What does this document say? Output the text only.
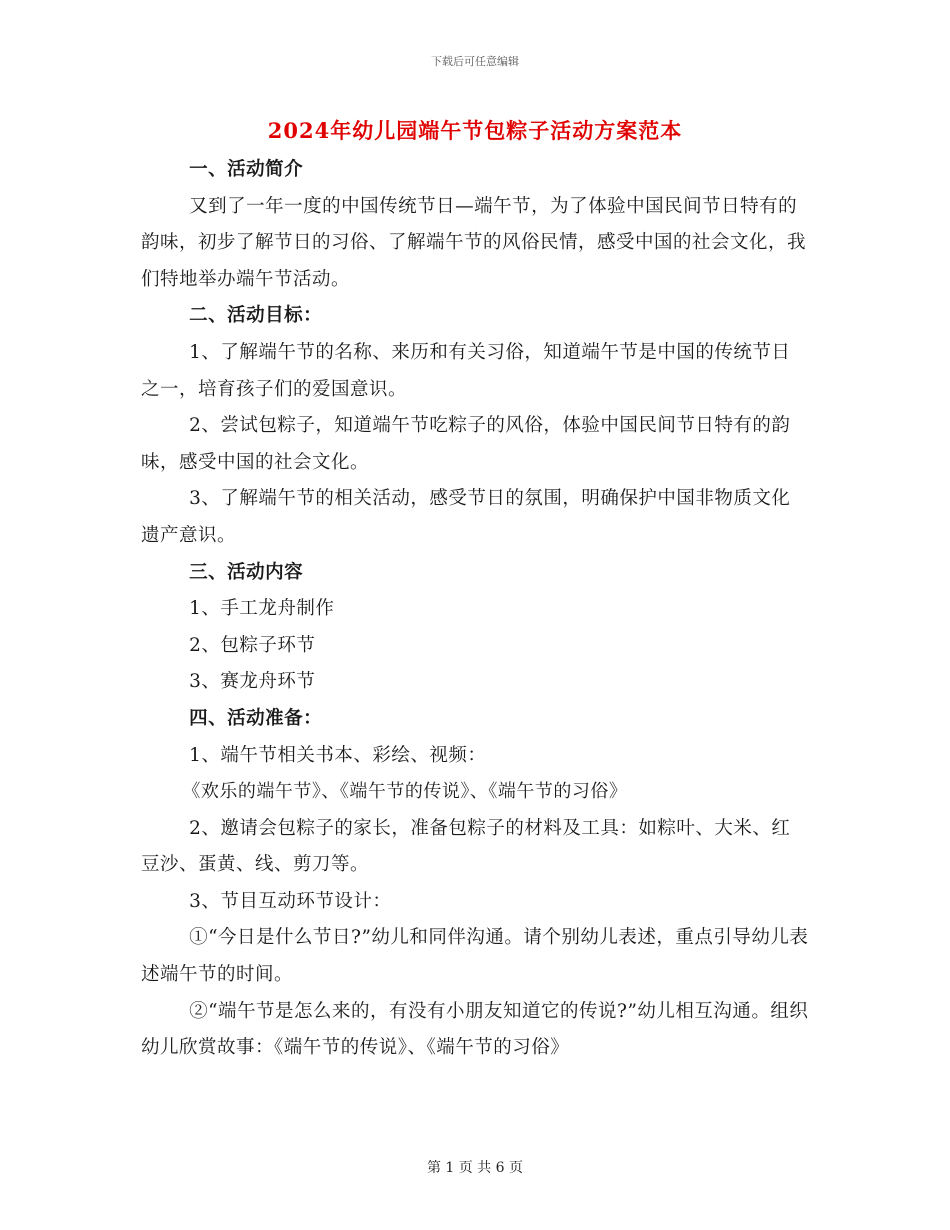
下载后可任意编辑
2024年幼儿园端午节包粽子活动方案范本

一、活动简介

又到了一年一度的中国传统节日—端午节，为了体验中国民间节日特有的韵味，初步了解节日的习俗、了解端午节的风俗民情，感受中国的社会文化，我们特地举办端午节活动。

二、活动目标：

1、了解端午节的名称、来历和有关习俗，知道端午节是中国的传统节日之一，培育孩子们的爱国意识。

2、尝试包粽子，知道端午节吃粽子的风俗，体验中国民间节日特有的韵味，感受中国的社会文化。

3、了解端午节的相关活动，感受节日的氛围，明确保护中国非物质文化遗产意识。

三、活动内容

1、手工龙舟制作

2、包粽子环节

3、赛龙舟环节

四、活动准备：

1、端午节相关书本、彩绘、视频：

《欢乐的端午节》、《端午节的传说》、《端午节的习俗》

2、邀请会包粽子的家长，准备包粽子的材料及工具：如粽叶、大米、红豆沙、蛋黄、线、剪刀等。

3、节目互动环节设计：

①“今日是什么节日?”幼儿和同伴沟通。请个别幼儿表述，重点引导幼儿表述端午节的时间。

②“端午节是怎么来的，有没有小朋友知道它的传说?”幼儿相互沟通。组织幼儿欣赏故事：《端午节的传说》、《端午节的习俗》

第 1 页 共 6 页
